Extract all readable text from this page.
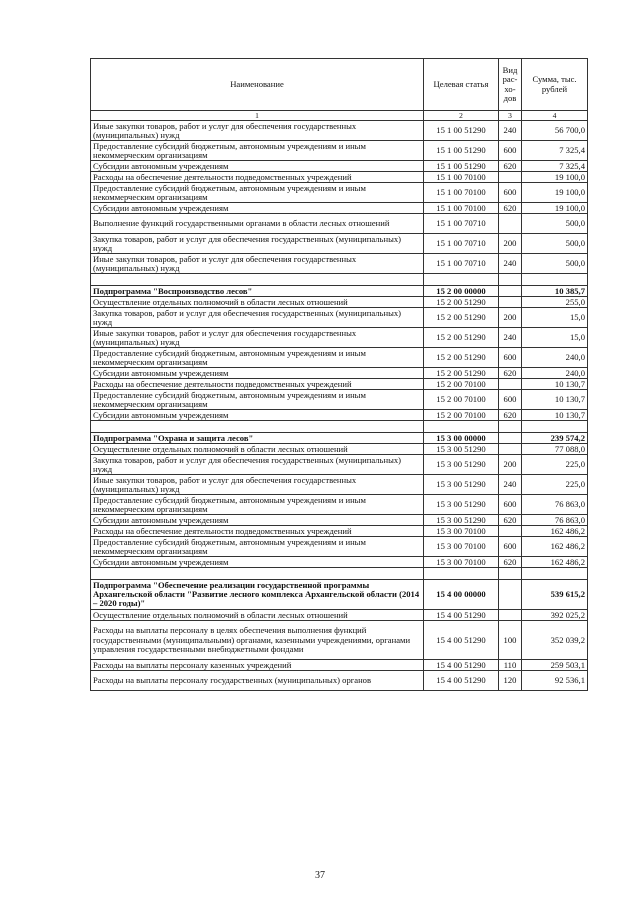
Наименование	Целевая статья	Вид рас-хо-дов	Сумма, тыс. рублей
1	2	3	4
Иные закупки товаров, работ и услуг для обеспечения государственных (муниципальных) нужд	15 1 00 51290	240	56 700,0
Предоставление субсидий бюджетным, автономным учреждениям и иным некоммерческим организациям	15 1 00 51290	600	7 325,4
Субсидии автономным учреждениям	15 1 00 51290	620	7 325,4
Расходы на обеспечение деятельности подведомственных учреждений	15 1 00 70100		19 100,0
Предоставление субсидий бюджетным, автономным учреждениям и иным некоммерческим организациям	15 1 00 70100	600	19 100,0
Субсидии автономным учреждениям	15 1 00 70100	620	19 100,0
Выполнение функций государственными органами в области лесных отношений	15 1 00 70710		500,0
Закупка товаров, работ и услуг для обеспечения государственных (муниципальных) нужд	15 1 00 70710	200	500,0
Иные закупки товаров, работ и услуг для обеспечения государственных (муниципальных) нужд	15 1 00 70710	240	500,0

Подпрограмма "Воспроизводство лесов"	15 2 00 00000		10 385,7
Осуществление отдельных полномочий в области лесных отношений	15 2 00 51290		255,0
Закупка товаров, работ и услуг для обеспечения государственных (муниципальных) нужд	15 2 00 51290	200	15,0
Иные закупки товаров, работ и услуг для обеспечения государственных (муниципальных) нужд	15 2 00 51290	240	15,0
Предоставление субсидий бюджетным, автономным учреждениям и иным некоммерческим организациям	15 2 00 51290	600	240,0
Субсидии автономным учреждениям	15 2 00 51290	620	240,0
Расходы на обеспечение деятельности подведомственных учреждений	15 2 00 70100		10 130,7
Предоставление субсидий бюджетным, автономным учреждениям и иным некоммерческим организациям	15 2 00 70100	600	10 130,7
Субсидии автономным учреждениям	15 2 00 70100	620	10 130,7

Подпрограмма "Охрана и защита лесов"	15 3 00 00000		239 574,2
Осуществление отдельных полномочий в области лесных отношений	15 3 00 51290		77 088,0
Закупка товаров, работ и услуг для обеспечения государственных (муниципальных) нужд	15 3 00 51290	200	225,0
Иные закупки товаров, работ и услуг для обеспечения государственных (муниципальных) нужд	15 3 00 51290	240	225,0
Предоставление субсидий бюджетным, автономным учреждениям и иным некоммерческим организациям	15 3 00 51290	600	76 863,0
Субсидии автономным учреждениям	15 3 00 51290	620	76 863,0
Расходы на обеспечение деятельности подведомственных учреждений	15 3 00 70100		162 486,2
Предоставление субсидий бюджетным, автономным учреждениям и иным некоммерческим организациям	15 3 00 70100	600	162 486,2
Субсидии автономным учреждениям	15 3 00 70100	620	162 486,2

Подпрограмма "Обеспечение реализации государственной программы Архангельской области "Развитие лесного комплекса Архангельской области (2014 – 2020 годы)"	15 4 00 00000		539 615,2
Осуществление отдельных полномочий в области лесных отношений	15 4 00 51290		392 025,2
Расходы на выплаты персоналу в целях обеспечения выполнения функций государственными (муниципальными) органами, казенными учреждениями, органами управления государственными внебюджетными фондами	15 4 00 51290	100	352 039,2
Расходы на выплаты персоналу казенных учреждений	15 4 00 51290	110	259 503,1
Расходы на выплаты персоналу государственных (муниципальных) органов	15 4 00 51290	120	92 536,1
37
